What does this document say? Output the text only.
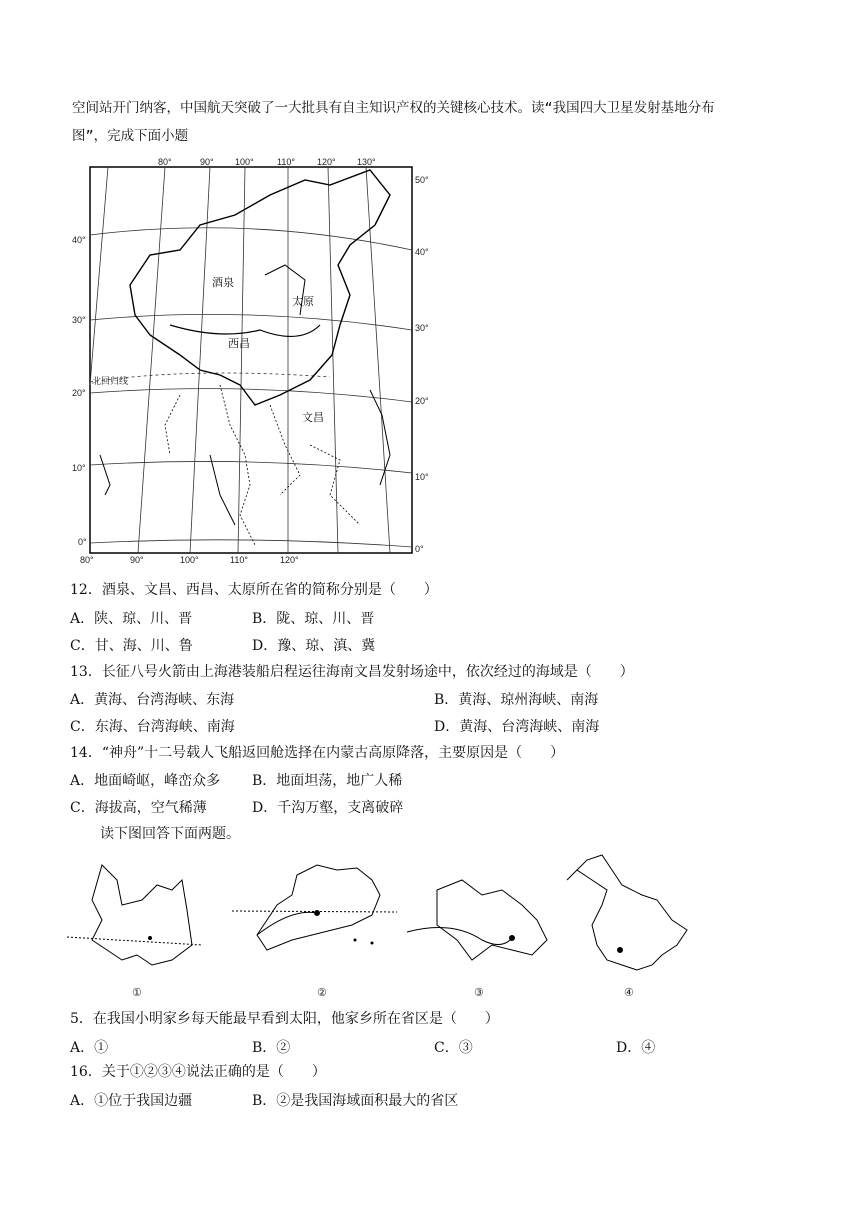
空间站开门纳客，中国航天突破了一大批具有自主知识产权的关键核心技术。读“我国四大卫星发射基地分布
图”，完成下面小题
酒泉
太原
西昌
文昌
北回归线
80°	90° 100°	110° 120° 130°
80°	90°	100°	110°	120°
40°
30°
20°
10°
0°
50°
40°
30°
20°
10°
0°
12．酒泉、文昌、西昌、太原所在省的简称分别是（　　）
A．陕、琼、川、晋	B．陇、琼、川、晋
C．甘、海、川、鲁	D．豫、琼、滇、冀
13．长征八号火箭由上海港装船启程运往海南文昌发射场途中，依次经过的海域是（　　）
A．黄海、台湾海峡、东海	B．黄海、琼州海峡、南海
C．东海、台湾海峡、南海	D．黄海、台湾海峡、南海
14．“神舟”十二号载人飞船返回舱选择在内蒙古高原降落，主要原因是（　　）
A．地面崎岖，峰峦众多 B．地面坦荡，地广人稀
C．海拔高，空气稀薄	D．千沟万壑，支离破碎
读下图回答下面两题。
①	②	③	④
5．在我国小明家乡每天能最早看到太阳，他家乡所在省区是（　　）
A．①	B．②	C．③	D．④
16．关于①②③④说法正确的是（　　）
A．①位于我国边疆	B．②是我国海域面积最大的省区
